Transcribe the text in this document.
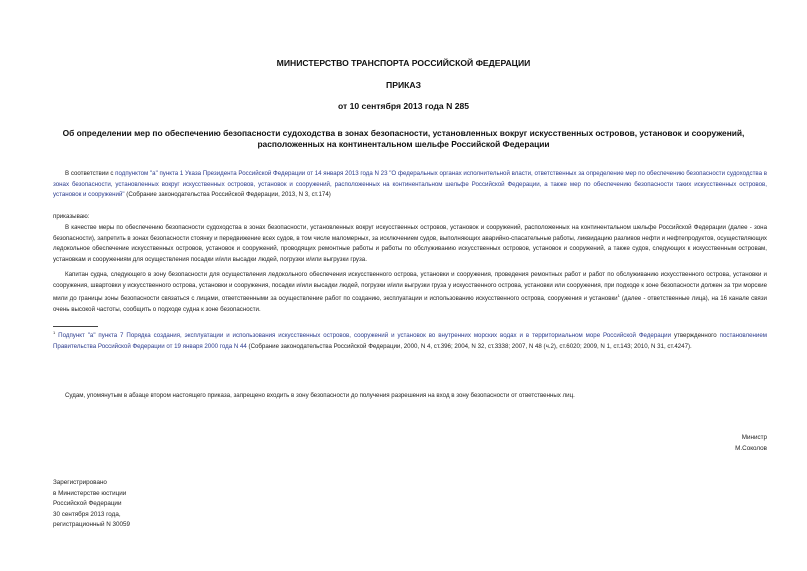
МИНИСТЕРСТВО ТРАНСПОРТА РОССИЙСКОЙ ФЕДЕРАЦИИ
ПРИКАЗ
от 10 сентября 2013 года N 285
Об определении мер по обеспечению безопасности судоходства в зонах безопасности, установленных вокруг искусственных островов, установок и сооружений, расположенных на континентальном шельфе Российской Федерации
В соответствии с подпунктом "а" пункта 1 Указа Президента Российской Федерации от 14 января 2013 года N 23 "О федеральных органах исполнительной власти, ответственных за определение мер по обеспечению безопасности судоходства в зонах безопасности, установленных вокруг искусственных островов, установок и сооружений, расположенных на континентальном шельфе Российской Федерации, а также мер по обеспечению безопасности таких искусственных островов, установок и сооружений" (Собрание законодательства Российской Федерации, 2013, N 3, ст.174)
приказываю:
В качестве меры по обеспечению безопасности судоходства в зонах безопасности, установленных вокруг искусственных островов, установок и сооружений, расположенных на континентальном шельфе Российской Федерации (далее - зона безопасности), запретить в зонах безопасности стоянку и передвижение всех судов, в том числе маломерных, за исключением судов, выполняющих аварийно-спасательные работы, ликвидацию разливов нефти и нефтепродуктов, осуществляющих ледокольное обеспечение искусственных островов, установок и сооружений, проводящих ремонтные работы и работы по обслуживанию искусственных островов, установок и сооружений, а также судов, следующих к искусственным островам, установкам и сооружениям для осуществления посадки и/или высадки людей, погрузки и/или выгрузки груза.
Капитан судна, следующего в зону безопасности для осуществления ледокольного обеспечения искусственного острова, установки и сооружения, проведения ремонтных работ и работ по обслуживанию искусственного острова, установки и сооружения, швартовки у искусственного острова, установки и сооружения, посадки и/или высадки людей, погрузки и/или выгрузки груза у искусственного острова, установки или сооружения, при подходе к зоне безопасности должен за три морские мили до границы зоны безопасности связаться с лицами, ответственными за осуществление работ по созданию, эксплуатации и использованию искусственного острова, сооружения и установки$^1$ (далее - ответственные лица), на 16 канале связи очень высокой частоты, сообщить о подходе судна к зоне безопасности.
$^1$ Подпункт "а" пункта 7 Порядка создания, эксплуатации и использования искусственных островов, сооружений и установок во внутренних морских водах и в территориальном море Российской Федерации утвержденного постановлением Правительства Российской Федерации от 19 января 2000 года N 44 (Собрание законодательства Российской Федерации, 2000, N 4, ст.396; 2004, N 32, ст.3338; 2007, N 48 (ч.2), ст.6020; 2009, N 1, ст.143; 2010, N 31, ст.4247).
Судам, упомянутым в абзаце втором настоящего приказа, запрещено входить в зону безопасности до получения разрешения на вход в зону безопасности от ответственных лиц.
Министр
М.Соколов
Зарегистрировано
в Министерстве юстиции
Российской Федерации
30 сентября 2013 года,
регистрационный N 30059
